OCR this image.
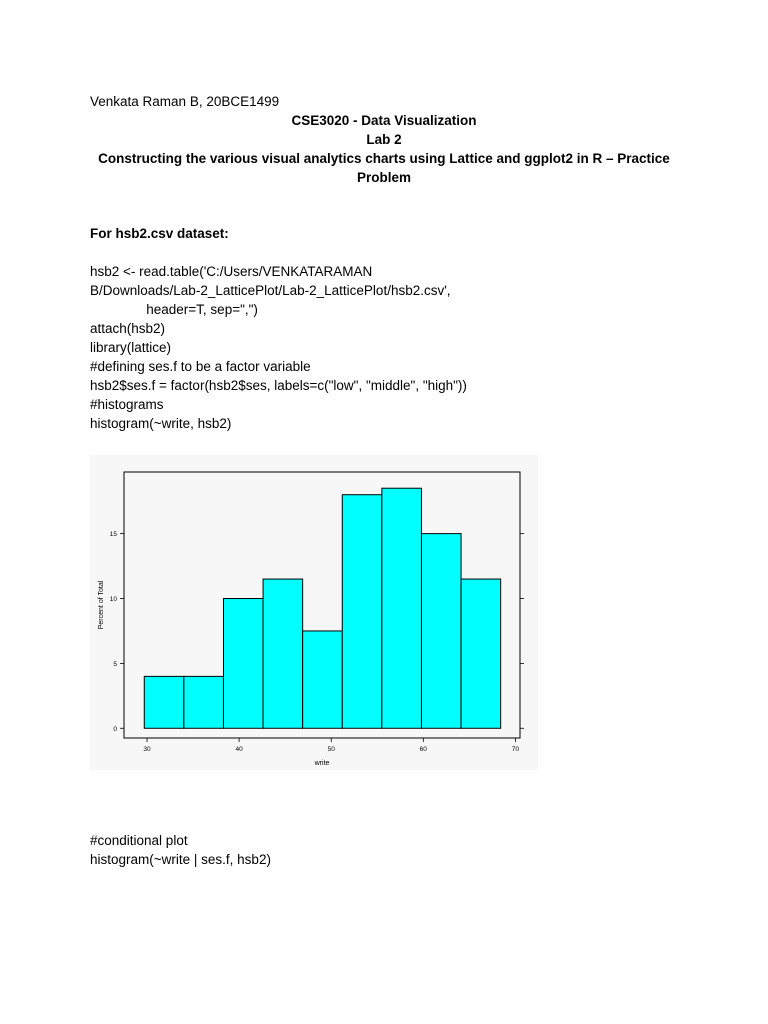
Venkata Raman B, 20BCE1499
CSE3020 - Data Visualization
Lab 2
Constructing the various visual analytics charts using Lattice and ggplot2 in R – Practice
Problem
For hsb2.csv dataset:
hsb2 <- read.table('C:/Users/VENKATARAMAN
B/Downloads/Lab-2_LatticePlot/Lab-2_LatticePlot/hsb2.csv',
header=T, sep=",")
attach(hsb2)
library(lattice)
#defining ses.f to be a factor variable
hsb2$ses.f = factor(hsb2$ses, labels=c("low", "middle", "high"))
#histograms
histogram(~write, hsb2)
30	40	50	60	70
0
5
10
15
write
Percent of Total
#conditional plot
histogram(~write | ses.f, hsb2)
